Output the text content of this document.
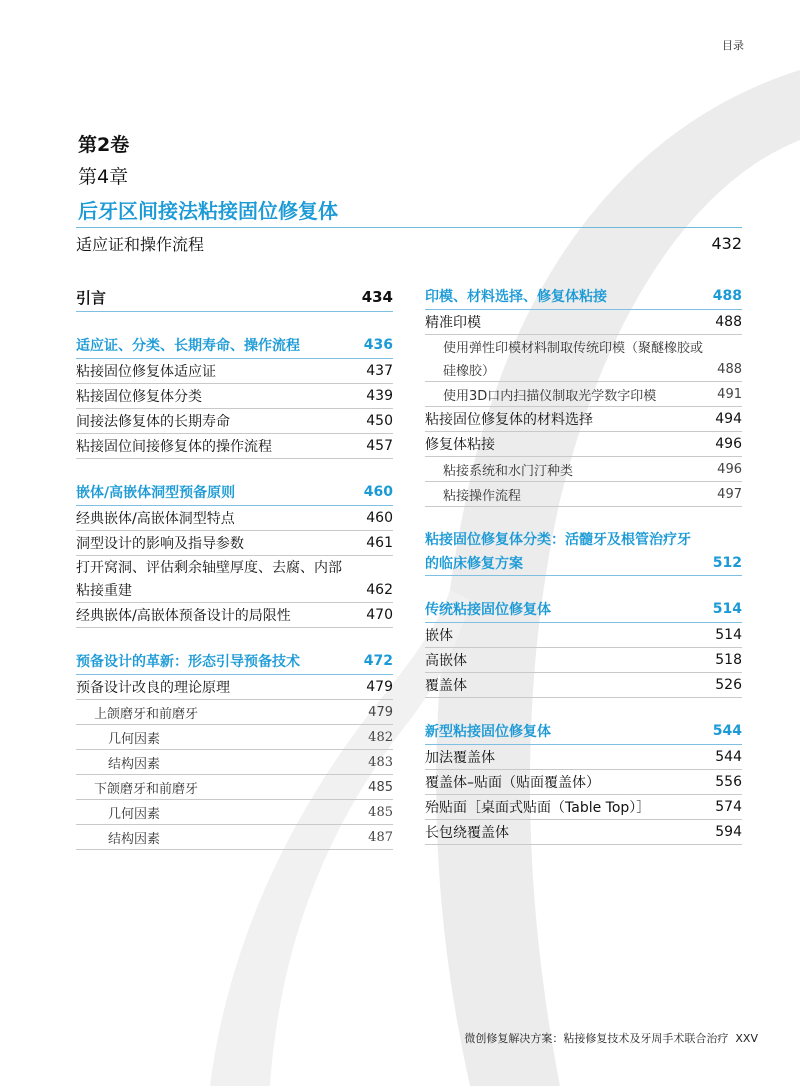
目录
第2卷
第4章
后牙区间接法粘接固位修复体
适应证和操作流程	432
引言	434
适应证、分类、长期寿命、操作流程	436
粘接固位修复体适应证	437
粘接固位修复体分类	439
间接法修复体的长期寿命	450
粘接固位间接修复体的操作流程	457
嵌体/高嵌体洞型预备原则	460
经典嵌体/高嵌体洞型特点	460
洞型设计的影响及指导参数	461
打开窝洞、评估剩余轴壁厚度、去腐、内部
粘接重建	462
经典嵌体/高嵌体预备设计的局限性	470
预备设计的革新：形态引导预备技术	472
预备设计改良的理论原理	479
上颌磨牙和前磨牙	479
几何因素	482
结构因素	483
下颌磨牙和前磨牙	485
几何因素	485
结构因素	487
印模、材料选择、修复体粘接	488
精准印模	488
使用弹性印模材料制取传统印模（聚醚橡胶或
硅橡胶）	488
使用3D口内扫描仪制取光学数字印模	491
粘接固位修复体的材料选择	494
修复体粘接	496
粘接系统和水门汀种类	496
粘接操作流程	497
粘接固位修复体分类：活髓牙及根管治疗牙
的临床修复方案	512
传统粘接固位修复体	514
嵌体	514
高嵌体	518
覆盖体	526
新型粘接固位修复体	544
加法覆盖体	544
覆盖体–贴面（贴面覆盖体）	556
殆贴面［桌面式贴面（Table Top）］	574
长包绕覆盖体	594
微创修复解决方案：粘接修复技术及牙周手术联合治疗 XXV
